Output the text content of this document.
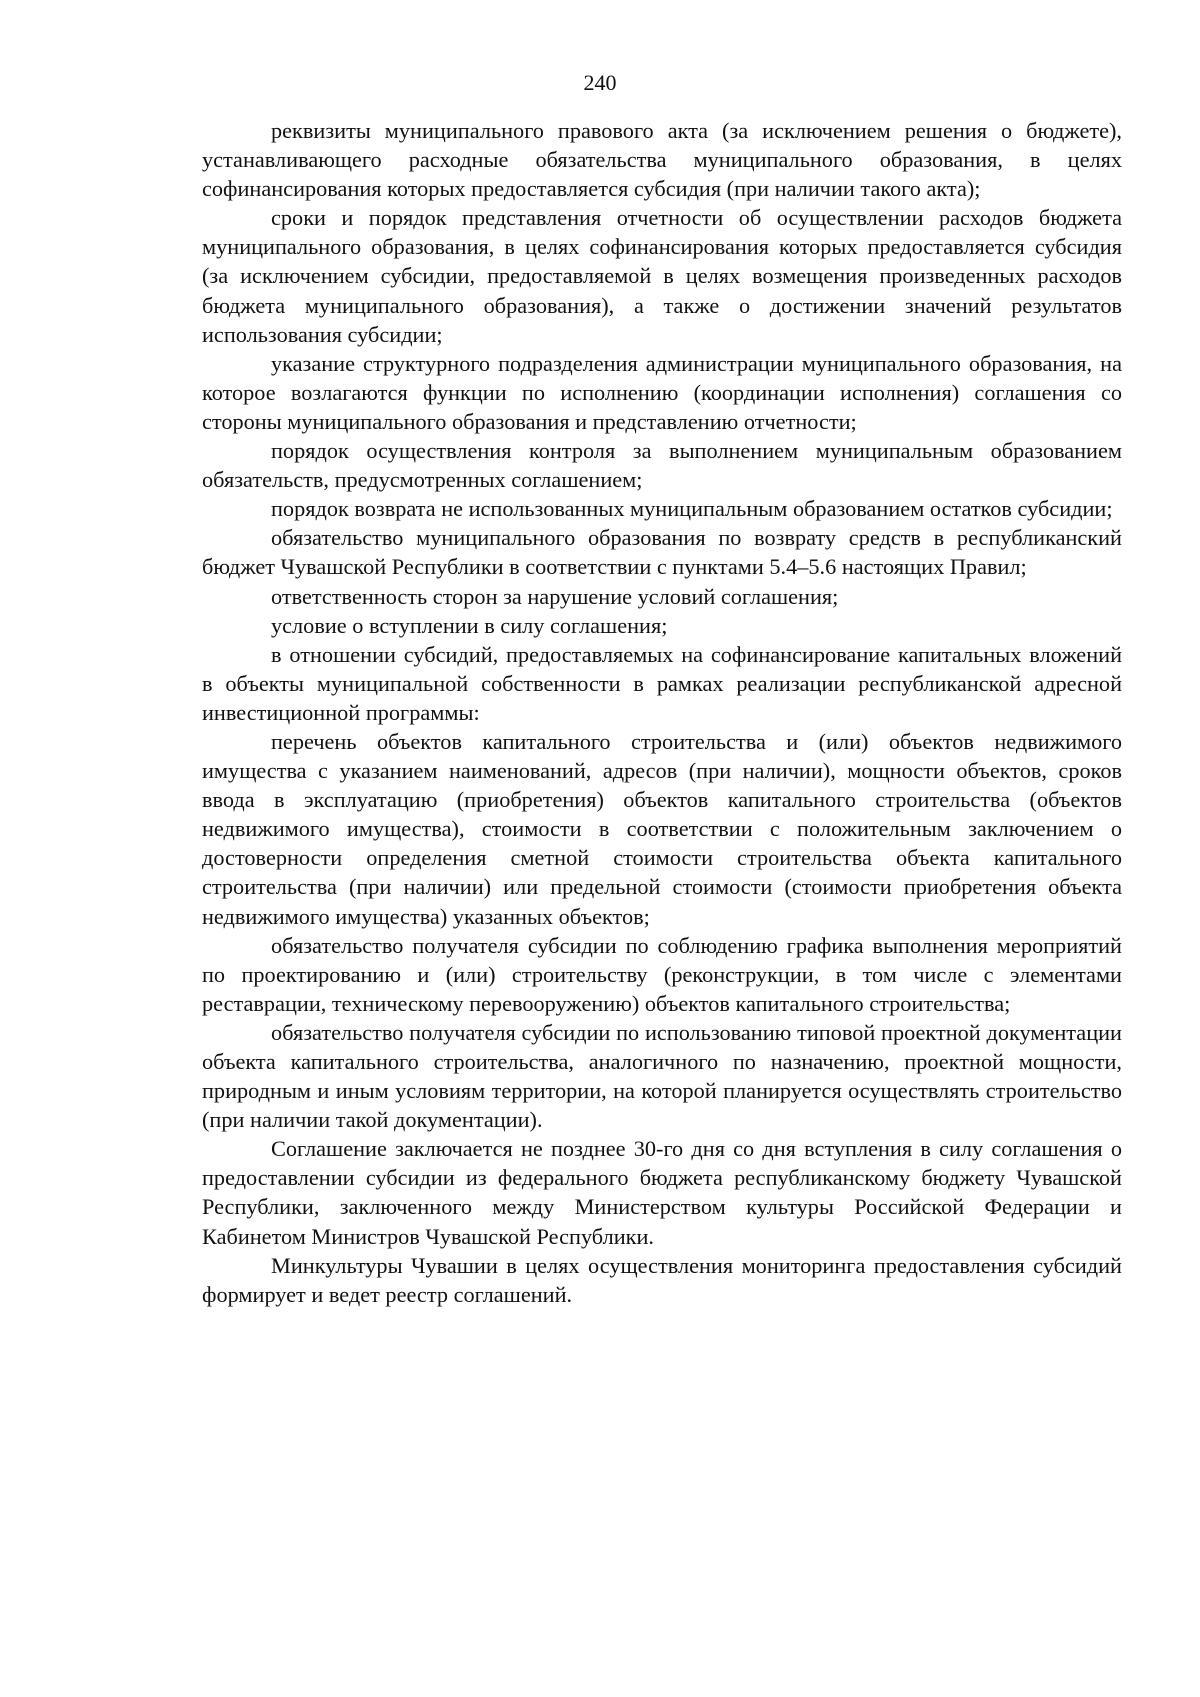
240

реквизиты муниципального правового акта (за исключением решения о бюджете), устанавливающего расходные обязательства муниципального образования, в целях софинансирования которых предоставляется субсидия (при наличии такого акта);

сроки и порядок представления отчетности об осуществлении расходов бюджета муниципального образования, в целях софинансирования которых предоставляется субсидия (за исключением субсидии, предоставляемой в целях возмещения произведенных расходов бюджета муниципального образования), а также о достижении значений результатов использования субсидии;

указание структурного подразделения администрации муниципального образования, на которое возлагаются функции по исполнению (координации исполнения) соглашения со стороны муниципального образования и представлению отчетности;

порядок осуществления контроля за выполнением муниципальным образованием обязательств, предусмотренных соглашением;

порядок возврата не использованных муниципальным образованием остатков субсидии;

обязательство муниципального образования по возврату средств в республиканский бюджет Чувашской Республики в соответствии с пунктами 5.4–5.6 настоящих Правил;

ответственность сторон за нарушение условий соглашения;

условие о вступлении в силу соглашения;

в отношении субсидий, предоставляемых на софинансирование капитальных вложений в объекты муниципальной собственности в рамках реализации республиканской адресной инвестиционной программы:

перечень объектов капитального строительства и (или) объектов недвижимого имущества с указанием наименований, адресов (при наличии), мощности объектов, сроков ввода в эксплуатацию (приобретения) объектов капитального строительства (объектов недвижимого имущества), стоимости в соответствии с положительным заключением о достоверности определения сметной стоимости строительства объекта капитального строительства (при наличии) или предельной стоимости (стоимости приобретения объекта недвижимого имущества) указанных объектов;

обязательство получателя субсидии по соблюдению графика выполнения мероприятий по проектированию и (или) строительству (реконструкции, в том числе с элементами реставрации, техническому перевооружению) объектов капитального строительства;

обязательство получателя субсидии по использованию типовой проектной документации объекта капитального строительства, аналогичного по назначению, проектной мощности, природным и иным условиям территории, на которой планируется осуществлять строительство (при наличии такой документации).

Соглашение заключается не позднее 30-го дня со дня вступления в силу соглашения о предоставлении субсидии из федерального бюджета республиканскому бюджету Чувашской Республики, заключенного между Министерством культуры Российской Федерации и Кабинетом Министров Чувашской Республики.

Минкультуры Чувашии в целях осуществления мониторинга предоставления субсидий формирует и ведет реестр соглашений.
